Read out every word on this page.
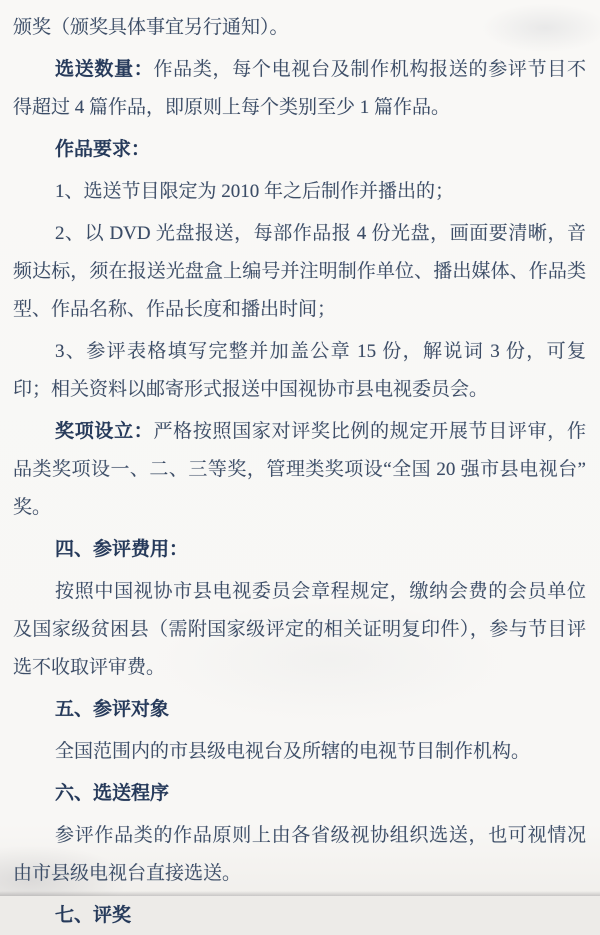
颁奖（颁奖具体事宜另行通知）。

选送数量：作品类，每个电视台及制作机构报送的参评节目不得超过 4 篇作品，即原则上每个类别至少 1 篇作品。

作品要求：

1、选送节目限定为 2010 年之后制作并播出的；

2、以 DVD 光盘报送，每部作品报 4 份光盘，画面要清晰，音频达标，须在报送光盘盒上编号并注明制作单位、播出媒体、作品类型、作品名称、作品长度和播出时间；

3、参评表格填写完整并加盖公章 15 份，解说词 3 份，可复印；相关资料以邮寄形式报送中国视协市县电视委员会。

奖项设立：严格按照国家对评奖比例的规定开展节目评审，作品类奖项设一、二、三等奖，管理类奖项设“全国 20 强市县电视台”奖。

四、参评费用：

按照中国视协市县电视委员会章程规定，缴纳会费的会员单位及国家级贫困县（需附国家级评定的相关证明复印件），参与节目评选不收取评审费。

五、参评对象

全国范围内的市县级电视台及所辖的电视节目制作机构。

六、选送程序

参评作品类的作品原则上由各省级视协组织选送，也可视情况由市县级电视台直接选送。

七、评奖
